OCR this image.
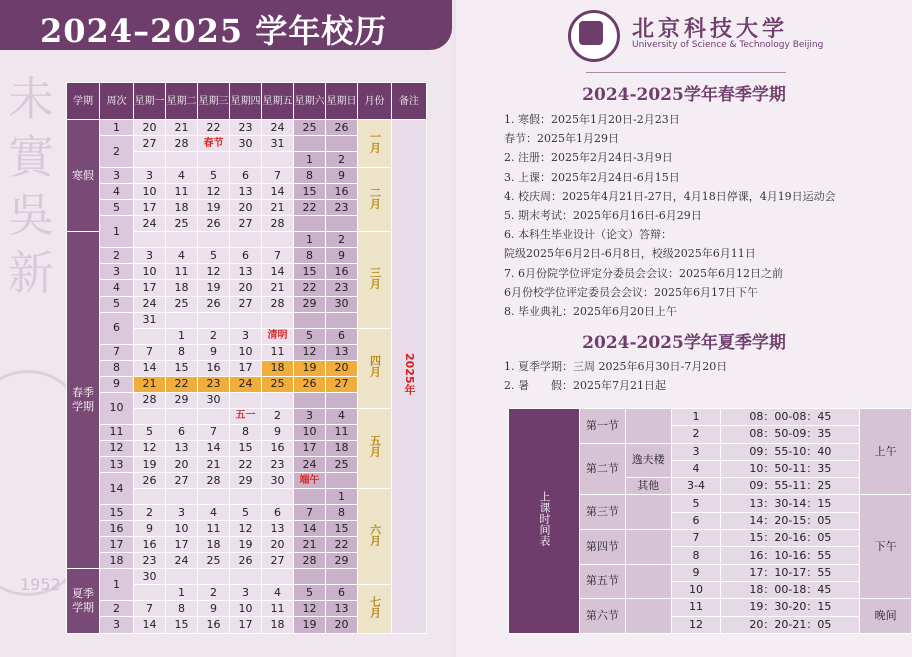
2024–2025 学年校历
未
實
吳
新
1952
学期	周次	星期一	星期二	星期三	星期四	星期五	星期六	星期日	月份	备注
寒假	1	20	21	22	23	24	25	26	一月	2025年
	2	27	28	春节	30	31				
							1	2		
	3	3	4	5	6	7	8	9	二月	
	4	10	11	12	13	14	15	16		
	5	17	18	19	20	21	22	23		
	1	24	25	26	27	28				
春季学期							1	2	三月	
	2	3	4	5	6	7	8	9		
	3	10	11	12	13	14	15	16		
	4	17	18	19	20	21	22	23		
	5	24	25	26	27	28	29	30		
	6	31								
			1	2	3	清明	5	6	四月	
	7	7	8	9	10	11	12	13		
	8	14	15	16	17	18	19	20		
	9	21	22	23	24	25	26	27		
	10	28	29	30						
					五一	2	3	4	五月	
	11	5	6	7	8	9	10	11		
	12	12	13	14	15	16	17	18		
	13	19	20	21	22	23	24	25		
	14	26	27	28	29	30	端午			
								1	六月	
	15	2	3	4	5	6	7	8		
	16	9	10	11	12	13	14	15		
	17	16	17	18	19	20	21	22		
	18	23	24	25	26	27	28	29		
夏季学期	1	30								
			1	2	3	4	5	6	七月	
	2	7	8	9	10	11	12	13		
	3	14	15	16	17	18	19	20		
北京科技大学
University of Science & Technology Beijing
2024-2025学年春季学期
1. 寒假：2025年1月20日-2月23日
春节：2025年1月29日
2. 注册：2025年2月24日-3月9日
3. 上课：2025年2月24日-6月15日
4. 校庆周：2025年4月21日-27日，4月18日停课，4月19日运动会
5. 期末考试：2025年6月16日-6月29日
6. 本科生毕业设计（论文）答辩：
院级2025年6月2日-6月8日，校级2025年6月11日
7. 6月份院学位评定分委员会会议：2025年6月12日之前
6月份校学位评定委员会会议：2025年6月17日下午
8. 毕业典礼：2025年6月20日上午
2024-2025学年夏季学期
1. 夏季学期：三周 2025年6月30日-7月20日
2. 暑　　假：2025年7月21日起
上课时间表	第一节		1	08：00-08：45	上午
			2	08：50-09：35	
	第二节	逸夫楼	3	09：55-10：40	
			4	10：50-11：35	
		其他	3-4	09：55-11：25	
	第三节		5	13：30-14：15	下午
			6	14：20-15：05	
	第四节		7	15：20-16：05	
			8	16：10-16：55	
	第五节		9	17：10-17：55	
			10	18：00-18：45	
	第六节		11	19：30-20：15	晚间
			12	20：20-21：05	
